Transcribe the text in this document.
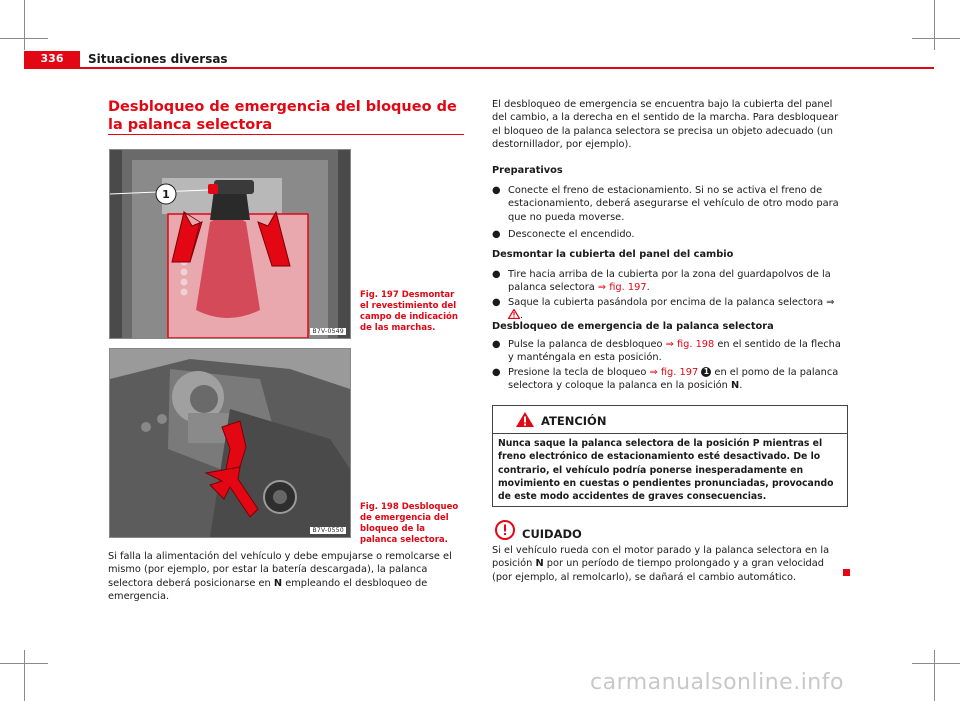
336	Situaciones diversas
Desbloqueo de emergencia del bloqueo de la palanca selectora
1
B7V-0549
Fig. 197 Desmontar el revestimiento del campo de indicación de las marchas.
B7V-0550
Fig. 198 Desbloqueo de emergencia del bloqueo de la palanca selectora.
Si falla la alimentación del vehículo y debe empujarse o remolcarse el mismo (por ejemplo, por estar la batería descargada), la palanca selectora deberá posicionarse en N empleando el desbloqueo de emergencia.
El desbloqueo de emergencia se encuentra bajo la cubierta del panel del cambio, a la derecha en el sentido de la marcha. Para desbloquear el bloqueo de la palanca selectora se precisa un objeto adecuado (un destornillador, por ejemplo).
Preparativos
● Conecte el freno de estacionamiento. Si no se activa el freno de estacionamiento, deberá asegurarse el vehículo de otro modo para que no pueda moverse.
● Desconecte el encendido.
Desmontar la cubierta del panel del cambio
● Tire hacia arriba de la cubierta por la zona del guardapolvos de la palanca selectora ⇒ fig. 197.
● Saque la cubierta pasándola por encima de la palanca selectora ⇒ .
Desbloqueo de emergencia de la palanca selectora
● Pulse la palanca de desbloqueo ⇒ fig. 198 en el sentido de la flecha y manténgala en esta posición.
● Presione la tecla de bloqueo ⇒ fig. 197 1 en el pomo de la palanca selectora y coloque la palanca en la posición N.
ATENCIÓN
Nunca saque la palanca selectora de la posición P mientras el freno electrónico de estacionamiento esté desactivado. De lo contrario, el vehículo podría ponerse inesperadamente en movimiento en cuestas o pendientes pronunciadas, provocando de este modo accidentes de graves consecuencias.
CUIDADO
Si el vehículo rueda con el motor parado y la palanca selectora en la posición N por un período de tiempo prolongado y a gran velocidad (por ejemplo, al remolcarlo), se dañará el cambio automático.
carmanualsonline.info
